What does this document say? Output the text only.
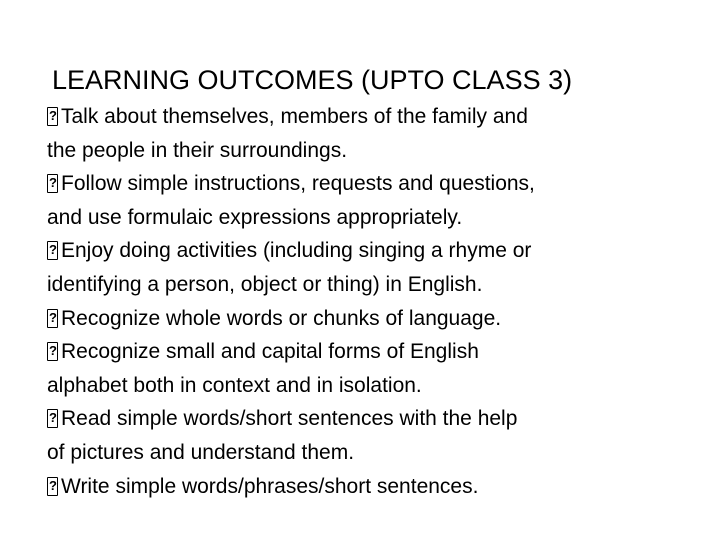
LEARNING OUTCOMES (UPTO CLASS 3)
?Talk about themselves, members of the family and
the people in their surroundings.
?Follow simple instructions, requests and questions,
and use formulaic expressions appropriately.
?Enjoy doing activities (including singing a rhyme or
identifying a person, object or thing) in English.
?Recognize whole words or chunks of language.
?Recognize small and capital forms of English
alphabet both in context and in isolation.
?Read simple words/short sentences with the help
of pictures and understand them.
?Write simple words/phrases/short sentences.
